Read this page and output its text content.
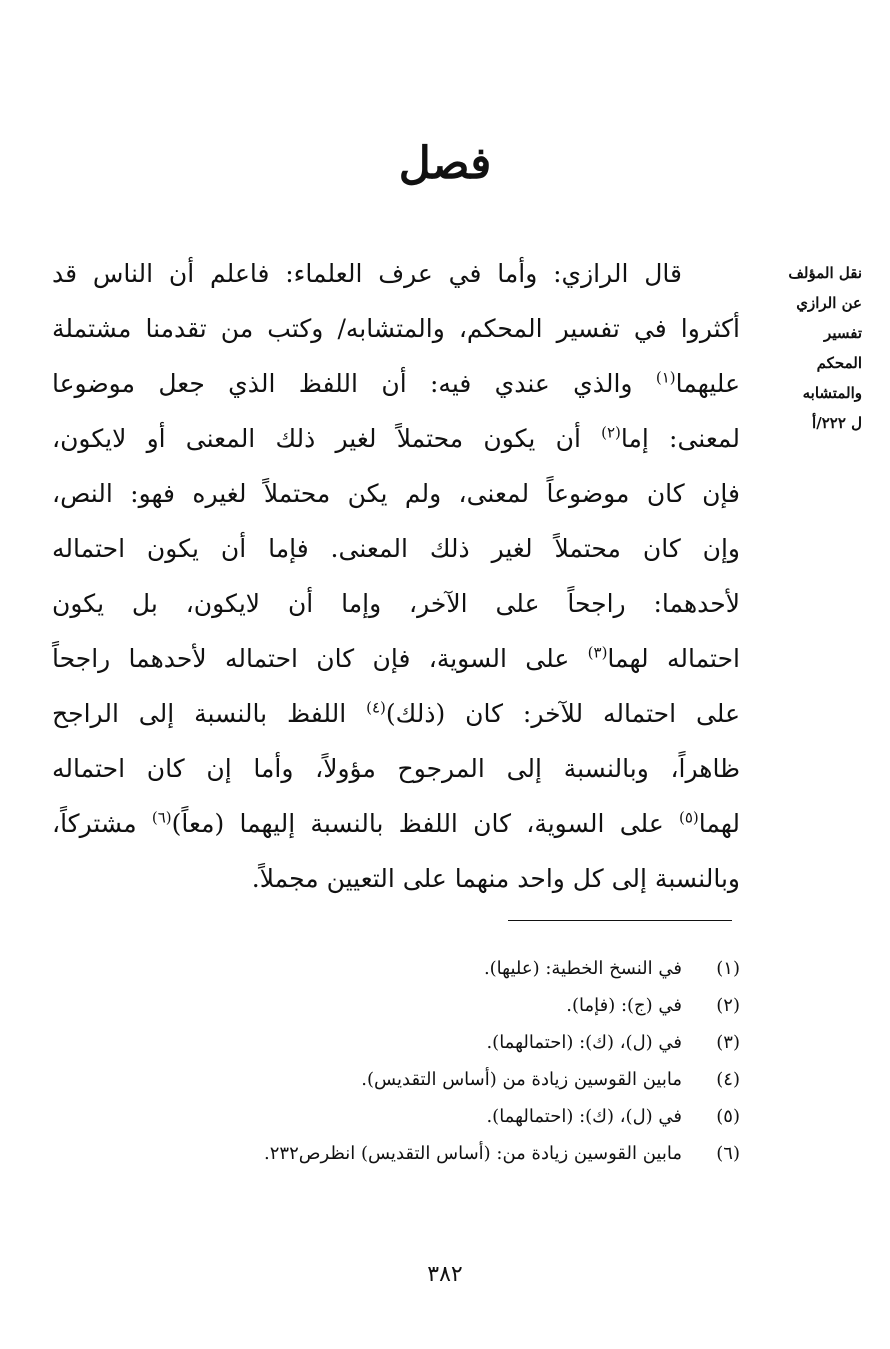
فصل
نقل المؤلف
عن الرازي
تفسير
المحكم
والمتشابه
ل ٢٢٢/أ
قال الرازي: وأما في عرف العلماء: فاعلم أن الناس قد
أكثروا في تفسير المحكم، والمتشابه/ وكتب من تقدمنا مشتملة
عليهما$^{(١)}$ والذي عندي فيه: أن اللفظ الذي جعل موضوعا
لمعنى: إما$^{(٢)}$ أن يكون محتملاً لغير ذلك المعنى أو لايكون،
فإن كان موضوعاً لمعنى، ولم يكن محتملاً لغيره فهو: النص،
وإن كان محتملاً لغير ذلك المعنى. فإما أن يكون احتماله
لأحدهما: راجحاً على الآخر، وإما أن لايكون، بل يكون
احتماله لهما$^{(٣)}$ على السوية، فإن كان احتماله لأحدهما راجحاً
على احتماله للآخر: كان (ذلك)$^{(٤)}$ اللفظ بالنسبة إلى الراجح
ظاهراً، وبالنسبة إلى المرجوح مؤولاً، وأما إن كان احتماله
لهما$^{(٥)}$ على السوية، كان اللفظ بالنسبة إليهما (معاً)$^{(٦)}$ مشتركاً،
وبالنسبة إلى كل واحد منهما على التعيين مجملاً.
(١)في النسخ الخطية: (عليها).
(٢)في (ج): (فإما).
(٣)في (ل)، (ك): (احتمالهما).
(٤)مابين القوسين زيادة من (أساس التقديس).
(٥)في (ل)، (ك): (احتمالهما).
(٦)مابين القوسين زيادة من: (أساس التقديس) انظرص٢٣٢.
٣٨٢
